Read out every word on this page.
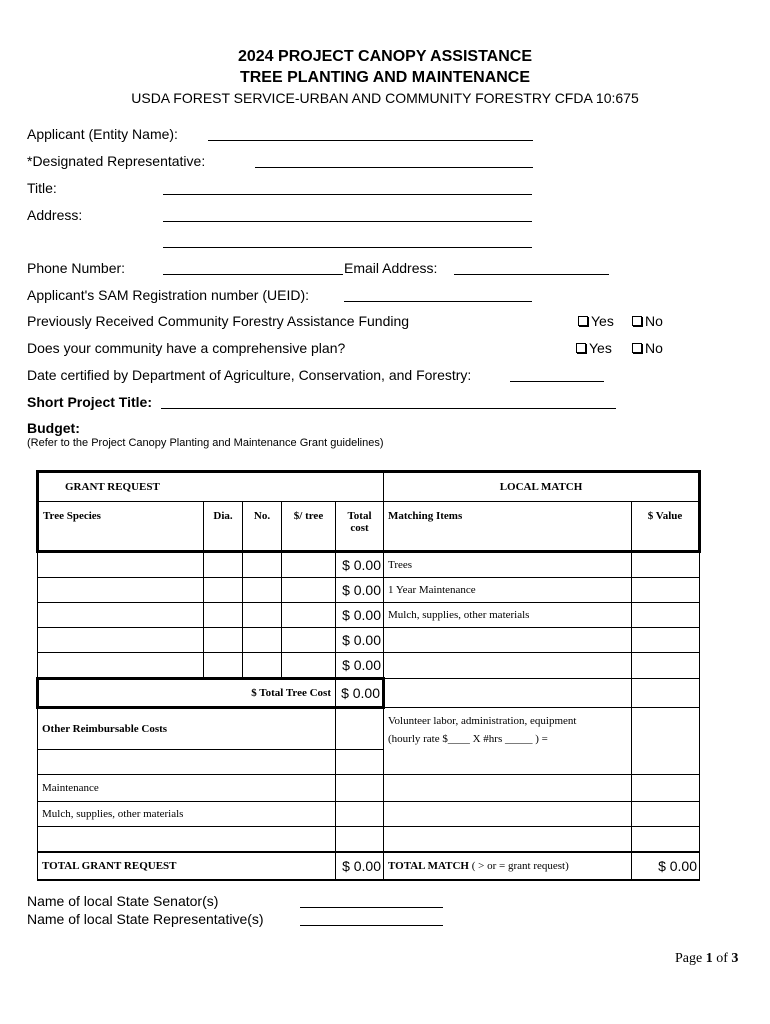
2024 PROJECT CANOPY ASSISTANCE
TREE PLANTING AND MAINTENANCE
USDA FOREST SERVICE-URBAN AND COMMUNITY FORESTRY CFDA 10:675
Applicant (Entity Name):
*Designated Representative:
Title:
Address:
Phone Number:	Email Address:
Applicant's SAM Registration number (UEID):
Previously Received Community Forestry Assistance Funding	Yes	No
Does your community have a comprehensive plan?	Yes	No
Date certified by Department of Agriculture, Conservation, and Forestry:
Short Project Title:
Budget:
(Refer to the Project Canopy Planting and Maintenance Grant guidelines)
GRANT REQUEST					LOCAL MATCH	
Tree Species	Dia.	No.	$/ tree	Total cost	Matching Items	$ Value
				$ 0.00	Trees	
				$ 0.00	1 Year Maintenance	
				$ 0.00	Mulch, supplies, other materials	
				$ 0.00		
				$ 0.00		
$ Total Tree Cost				$ 0.00		
Other Reimbursable Costs					Volunteer labor, administration, equipment
(hourly rate $____ X #hrs _____ ) =	

Maintenance						
Mulch, supplies, other materials						

TOTAL GRANT REQUEST				$ 0.00	TOTAL MATCH ( > or = grant request)	$ 0.00
Name of local State Senator(s)
Name of local State Representative(s)
Page 1 of 3
